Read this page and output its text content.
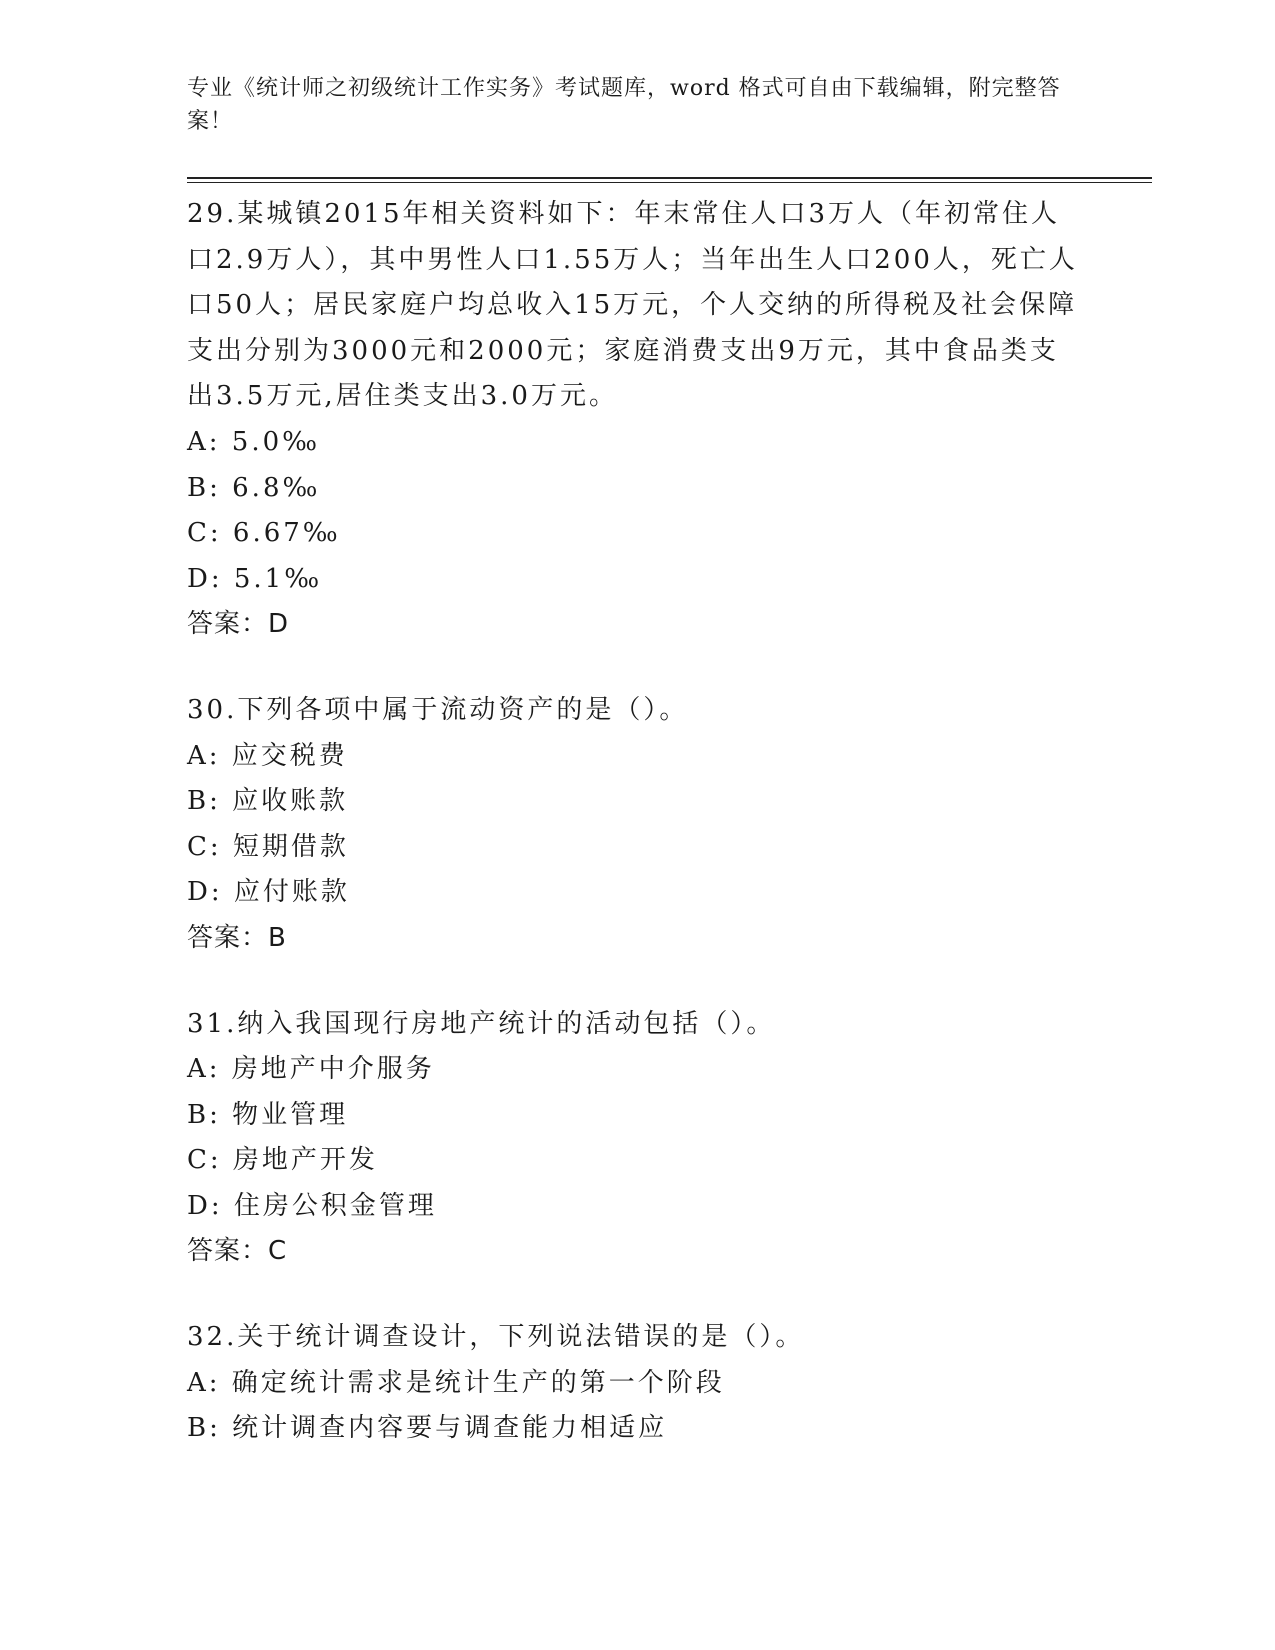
专业《统计师之初级统计工作实务》考试题库，word 格式可自由下载编辑，附完整答案！

29.某城镇2015年相关资料如下：年末常住人口3万人（年初常住人口2.9万人），其中男性人口1.55万人；当年出生人口200人，死亡人口50人；居民家庭户均总收入15万元，个人交纳的所得税及社会保障支出分别为3000元和2000元；家庭消费支出9万元，其中食品类支出3.5万元,居住类支出3.0万元。

A: 5.0‰
B: 6.8‰
C: 6.67‰
D: 5.1‰
答案：D

30.下列各项中属于流动资产的是（）。

A: 应交税费
B: 应收账款
C: 短期借款
D: 应付账款
答案：B

31.纳入我国现行房地产统计的活动包括（）。

A: 房地产中介服务
B: 物业管理
C: 房地产开发
D: 住房公积金管理
答案：C

32.关于统计调查设计，下列说法错误的是（）。

A: 确定统计需求是统计生产的第一个阶段
B: 统计调查内容要与调查能力相适应
